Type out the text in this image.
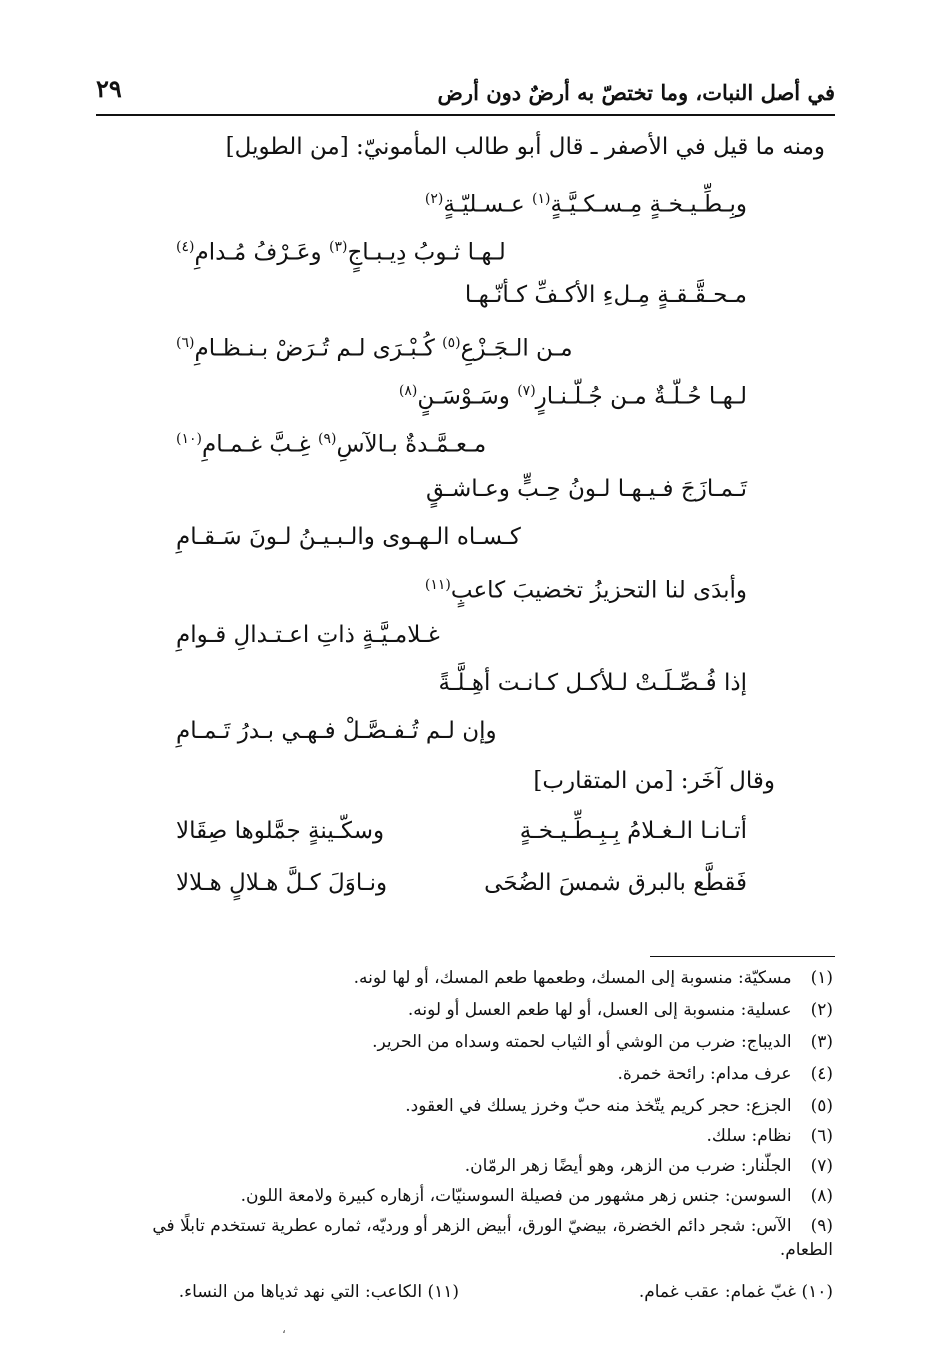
في أصل النبات، وما تختصّ به أرضٌ دون أرض
٢٩
ومنه ما قيل في الأصفر ـ قال أبو طالب المأمونيّ: [من الطويل]
وبِـطِّـيـخـةٍ مِـسـكـيَّـةٍ$^{(١)}$ عـسـليّـةٍ$^{(٢)}$
لـهـا ثـوبُ دِيـبـاجٍ$^{(٣)}$ وعَـرْفُ مُـدامِ$^{(٤)}$
مـحـقَّـقـةٍ مِـلءِ الأكـفِّ كـأنّـهـا
مـن الـجَـزْعِ$^{(٥)}$ كُـبْـرَى لـم تُـرَضْ بـنـظـامِ$^{(٦)}$
لـهـا حُـلّـةٌ مـن جُـلّـنـارٍ$^{(٧)}$ وسَـوْسَـنٍ$^{(٨)}$
مـعـمَّـدةٌ بـالآسِ$^{(٩)}$ غِـبَّ غـمـامِ$^{(١٠)}$
تَـمـازَجَ فـيـهـا لـونُ حِـبٍّ وعـاشـقٍ
كـسـاه الـهـوى والـبـيـنُ لـونَ سَـقـامِ
وأبدَى لنا التحزيزُ تخضيبَ كاعبٍ$^{(١١)}$
غـلامـيَّـةٍ ذاتِ اعـتـدالِ قـوامِ
إذا فُـصِّـلَـتْ لـلأكـل كـانـت أهِـلَّـةً
وإن لـم تُـفـصَّـلْ فـهـي بـدرُ تَـمـامِ
وقال آخَر: [من المتقارب]
أتـانـا الـغـلامُ بِـبِـطِّـيـخـةٍ
وسكّـينةٍ جمَّلوها صِقَالا
فَقطَّع بالبرق شمسَ الضُحَى
ونـاوَلَ كـلَّ هـلالٍ هـلالا
(١) مسكيّة: منسوبة إلى المسك، وطعمها طعم المسك، أو لها لونه.
(٢) عسلية: منسوبة إلى العسل، أو لها طعم العسل أو لونه.
(٣) الديباج: ضرب من الوشي أو الثياب لحمته وسداه من الحرير.
(٤) عرف مدام: رائحة خمرة.
(٥) الجزع: حجر كريم يتّخذ منه حبّ وخرز يسلك في العقود.
(٦) نظام: سلك.
(٧) الجلّنار: ضرب من الزهر، وهو أيضًا زهر الرمّان.
(٨) السوسن: جنس زهر مشهور من فصيلة السوسنيّات، أزهاره كبيرة ولامعة اللون.
(٩) الآس: شجر دائم الخضرة، بيضيّ الورق، أبيض الزهر أو ورديّه، ثماره عطرية تستخدم تابلًا في الطعام.
(١٠) غبّ غمام: عقب غمام.
(١١) الكاعب: التي نهد ثدياها من النساء.
،
